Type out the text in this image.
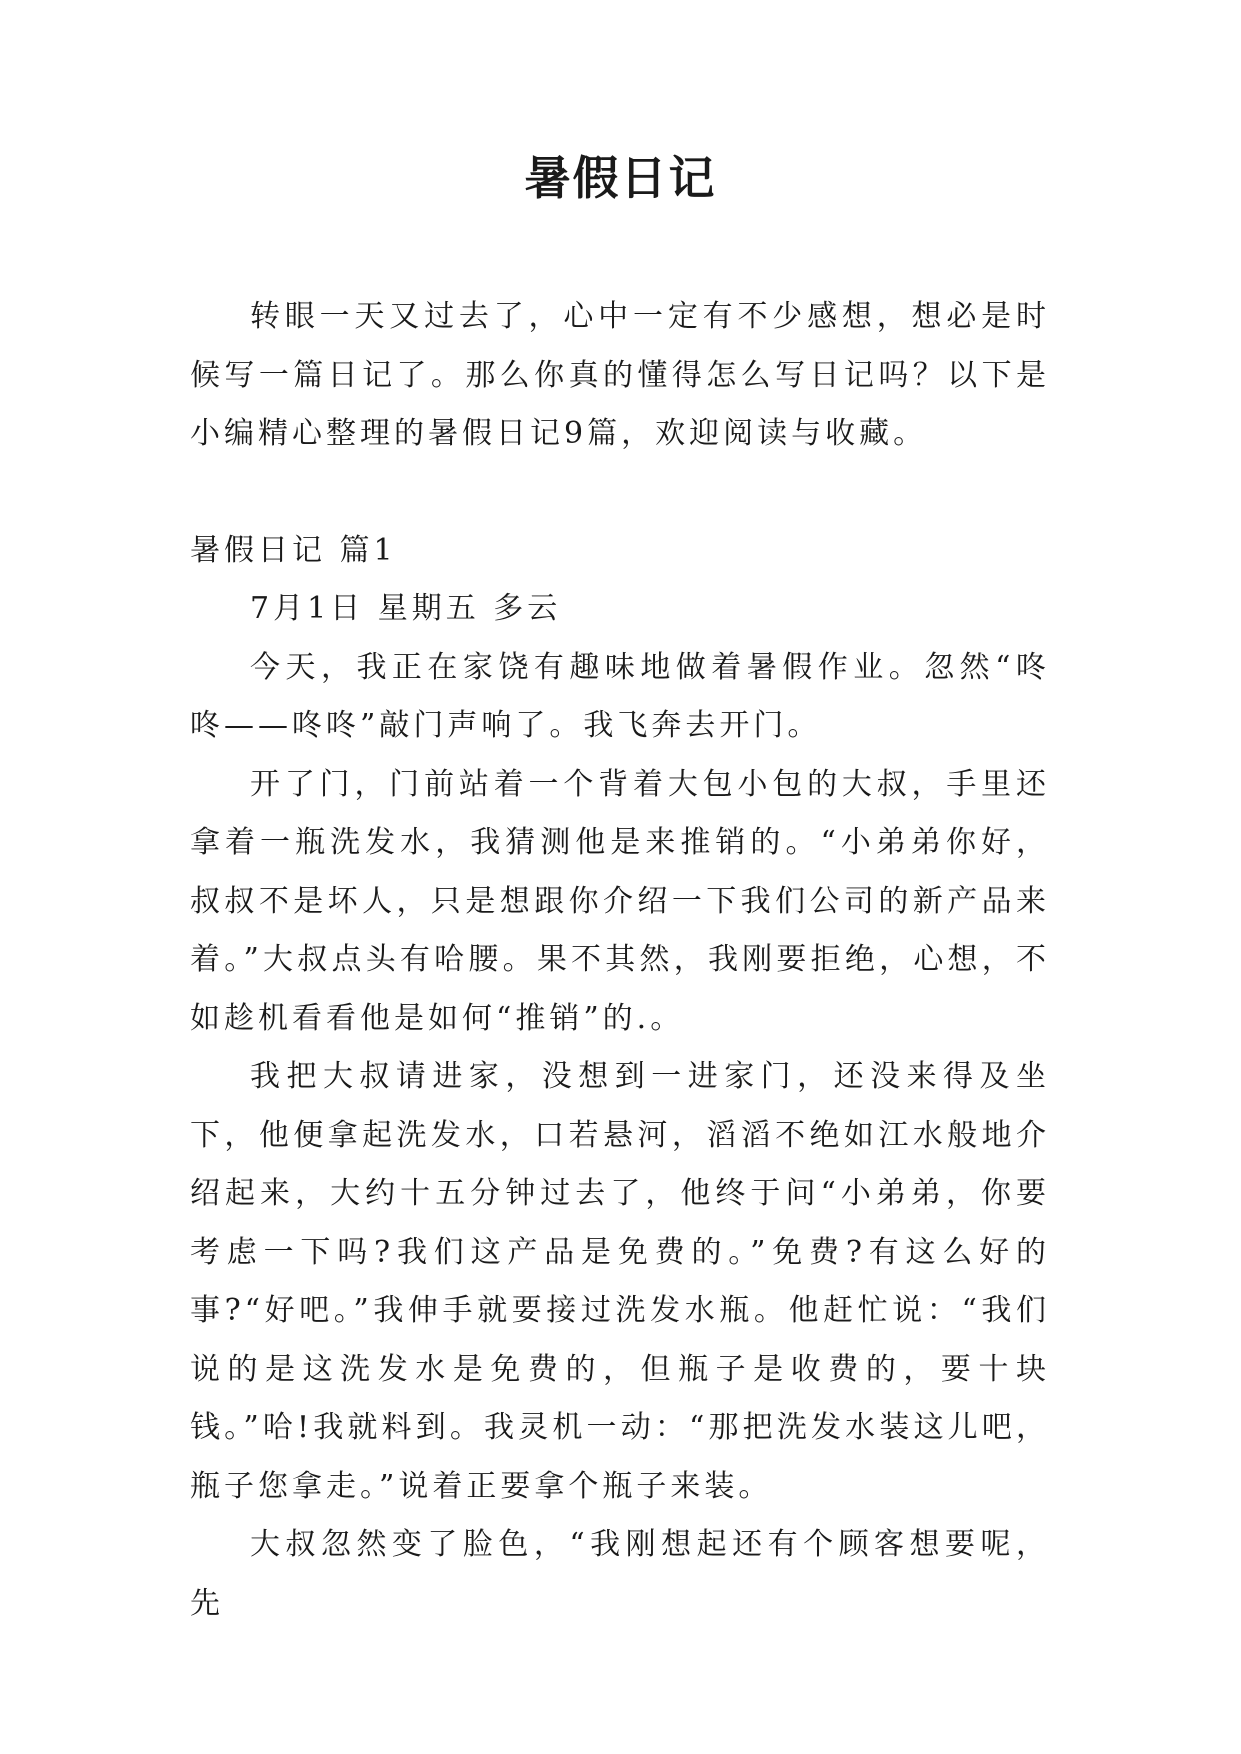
暑假日记

转眼一天又过去了，心中一定有不少感想，想必是时候写一篇日记了。那么你真的懂得怎么写日记吗？以下是小编精心整理的暑假日记9篇，欢迎阅读与收藏。

暑假日记 篇1

7月1日 星期五 多云

今天，我正在家饶有趣味地做着暑假作业。忽然“咚咚——咚咚”敲门声响了。我飞奔去开门。

开了门，门前站着一个背着大包小包的大叔，手里还拿着一瓶洗发水，我猜测他是来推销的。“小弟弟你好，叔叔不是坏人，只是想跟你介绍一下我们公司的新产品来着。”大叔点头有哈腰。果不其然，我刚要拒绝，心想，不如趁机看看他是如何“推销”的.。

我把大叔请进家，没想到一进家门，还没来得及坐下，他便拿起洗发水，口若悬河，滔滔不绝如江水般地介绍起来，大约十五分钟过去了，他终于问“小弟弟，你要考虑一下吗?我们这产品是免费的。”免费?有这么好的事?“好吧。”我伸手就要接过洗发水瓶。他赶忙说：“我们说的是这洗发水是免费的，但瓶子是收费的，要十块钱。”哈!我就料到。我灵机一动：“那把洗发水装这儿吧，瓶子您拿走。”说着正要拿个瓶子来装。

大叔忽然变了脸色，“我刚想起还有个顾客想要呢，先
